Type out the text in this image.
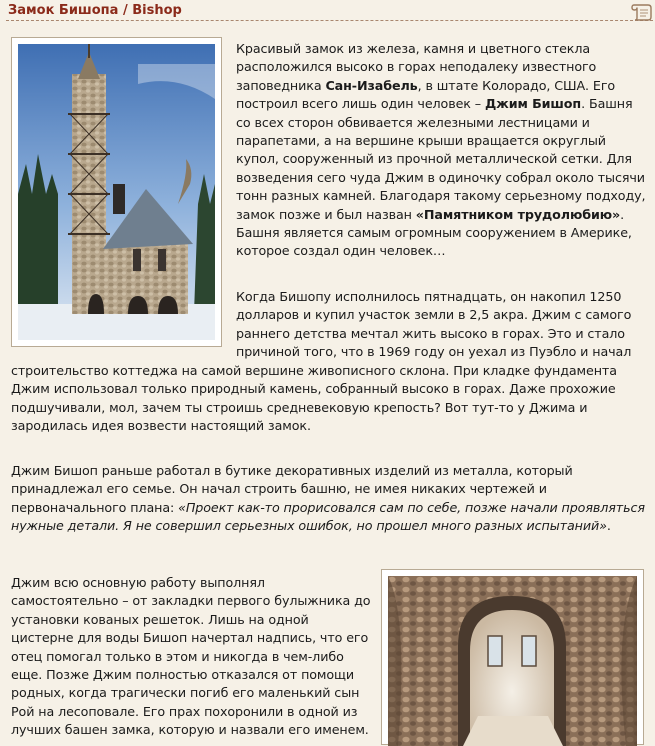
Замок Бишопа / Bishop

Красивый замок из железа, камня и цветного стекла расположился высоко в горах неподалеку известного заповедника Сан-Изабель, в штате Колорадо, США. Его построил всего лишь один человек – Джим Бишоп. Башня со всех сторон обвивается железными лестницами и парапетами, а на вершине крыши вращается округлый купол, сооруженный из прочной металлической сетки. Для возведения сего чуда Джим в одиночку собрал около тысячи тонн разных камней. Благодаря такому серьезному подходу, замок позже и был назван «Памятником трудолюбию». Башня является самым огромным сооружением в Америке, которое создал один человек…

Когда Бишопу исполнилось пятнадцать, он накопил 1250
долларов и купил участок земли в 2,5 акра. Джим с самого
раннего детства мечтал жить высоко в горах. Это и стало
причиной того, что в 1969 году он уехал из Пуэбло и начал

строительство коттеджа на самой вершине живописного склона. При кладке фундамента Джим использовал только природный камень, собранный высоко в горах. Даже прохожие подшучивали, мол, зачем ты строишь средневековую крепость? Вот тут-то у Джима и зародилась идея возвести настоящий замок.

Джим Бишоп раньше работал в бутике декоративных изделий из металла, который принадлежал его семье. Он начал строить башню, не имея никаких чертежей и первоначального плана: «Проект как-то прорисовался сам по себе, позже начали проявляться нужные детали. Я не совершил серьезных ошибок, но прошел много разных испытаний».

Джим всю основную работу выполнял самостоятельно – от закладки первого булыжника до установки кованых решеток. Лишь на одной цистерне для воды Бишоп начертал надпись, что его отец помогал только в этом и никогда в чем-либо еще. Позже Джим полностью отказался от помощи родных, когда трагически погиб его маленький сын Рой на лесоповале. Его прах похоронили в одной из лучших башен замка, которую и назвали его именем.
